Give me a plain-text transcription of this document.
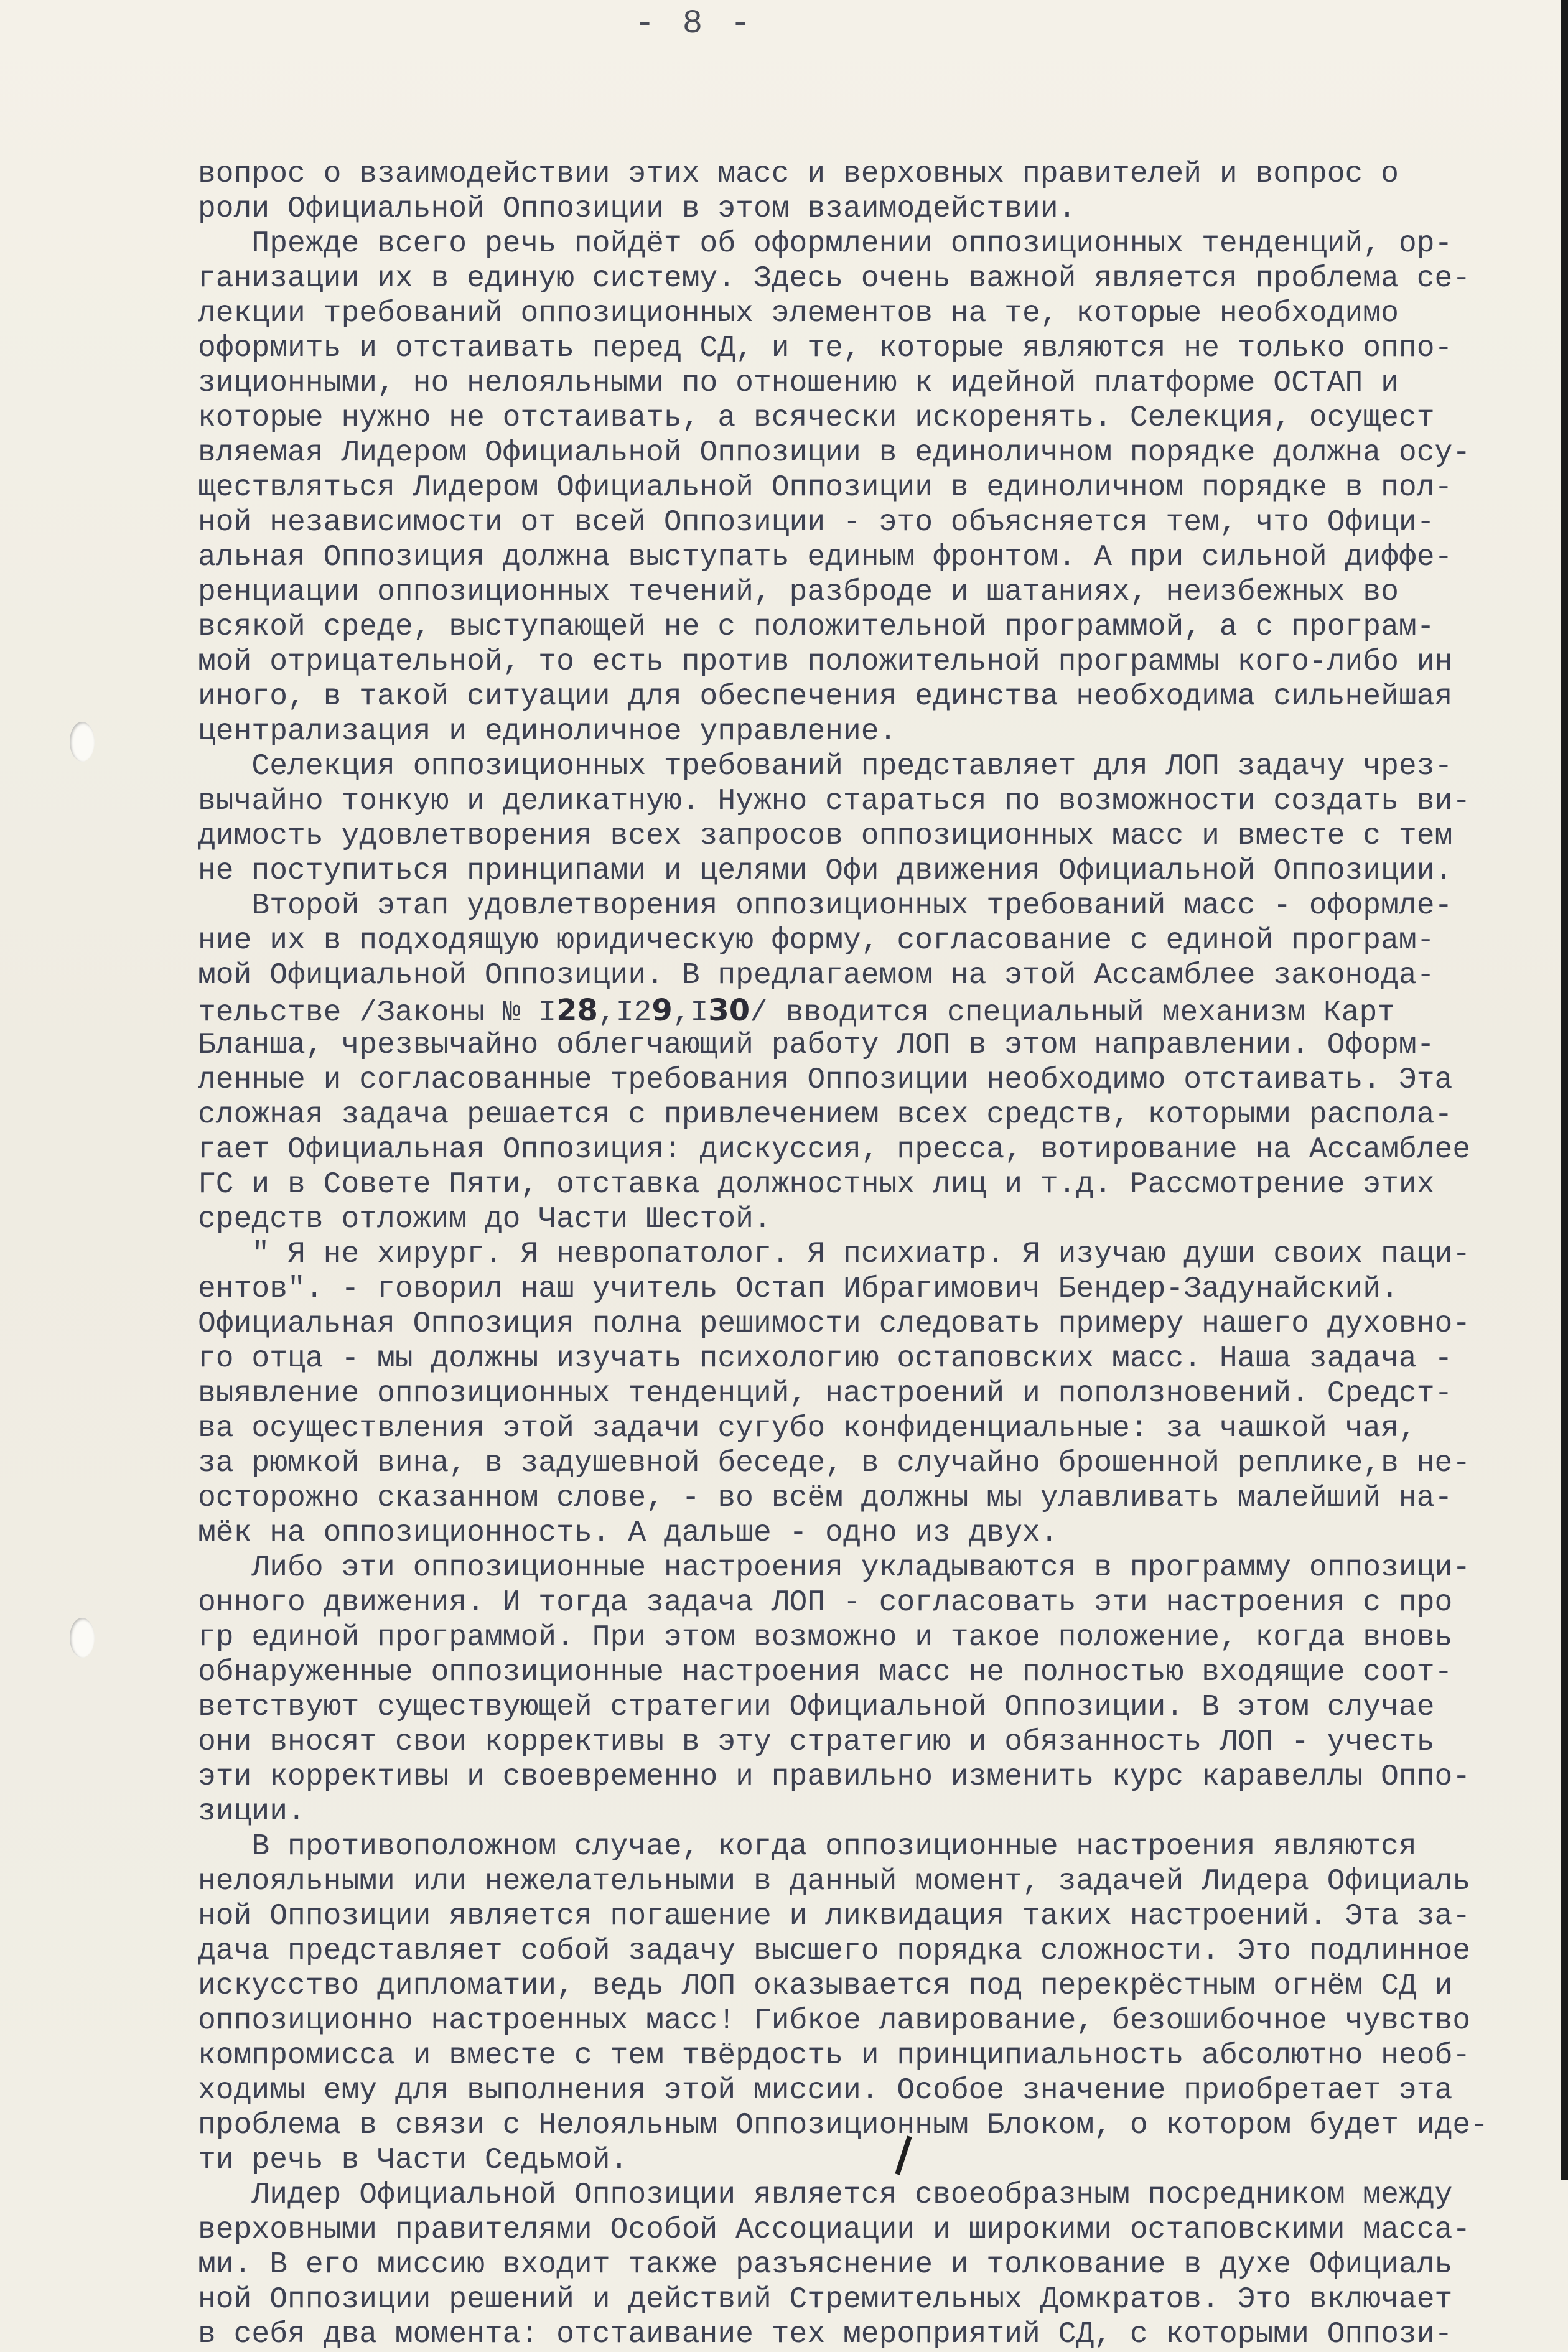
- 8 -
вопрос о взаимодействии этих масс и верховных правителей и вопрос о
роли Официальной Оппозиции в этом взаимодействии.
Прежде всего речь пойдёт об оформлении оппозиционных тенденций, ор-
ганизации их в единую систему. Здесь очень важной является проблема се-
лекции требований оппозиционных элементов на те, которые необходимо
оформить и отстаивать перед СД, и те, которые являются не только оппо-
зиционными, но нелояльными по отношению к идейной платформе ОСТАП и
которые нужно не отстаивать, а всячески искоренять. Селекция, осущест
вляемая Лидером Официальной Оппозиции в единоличном порядке должна осу-
ществляться Лидером Официальной Оппозиции в единоличном порядке в пол-
ной независимости от всей Оппозиции - это объясняется тем, что Офици-
альная Оппозиция должна выступать единым фронтом. А при сильной диффе-
ренциации оппозиционных течений, разброде и шатаниях, неизбежных во
всякой среде, выступающей не с положительной программой, а с програм-
мой отрицательной, то есть против положительной программы кого-либо ин
иного, в такой ситуации для обеспечения единства необходима сильнейшая
централизация и единоличное управление.
Селекция оппозиционных требований представляет для ЛОП задачу чрез-
вычайно тонкую и деликатную. Нужно стараться по возможности создать ви-
димость удовлетворения всех запросов оппозиционных масс и вместе с тем
не поступиться принципами и целями Офи движения Официальной Оппозиции.
Второй этап удовлетворения оппозиционных требований масс - оформле-
ние их в подходящую юридическую форму, согласование с единой програм-
мой Официальной Оппозиции. В предлагаемом на этой Ассамблее законода-
тельстве /Законы № I28,I29,I30/ вводится специальный механизм Карт
Бланша, чрезвычайно облегчающий работу ЛОП в этом направлении. Оформ-
ленные и согласованные требования Оппозиции необходимо отстаивать. Эта
сложная задача решается с привлечением всех средств, которыми распола-
гает Официальная Оппозиция: дискуссия, пресса, вотирование на Ассамблее
ГС и в Совете Пяти, отставка должностных лиц и т.д. Рассмотрение этих
средств отложим до Части Шестой.
" Я не хирург. Я невропатолог. Я психиатр. Я изучаю души своих паци-
ентов". - говорил наш учитель Остап Ибрагимович Бендер-Задунайский.
Официальная Оппозиция полна решимости следовать примеру нашего духовно-
го отца - мы должны изучать психологию остаповских масс. Наша задача -
выявление оппозиционных тенденций, настроений и поползновений. Средст-
ва осуществления этой задачи сугубо конфиденциальные: за чашкой чая,
за рюмкой вина, в задушевной беседе, в случайно брошенной реплике,в не-
осторожно сказанном слове, - во всём должны мы улавливать малейший на-
мёк на оппозиционность. А дальше - одно из двух.
Либо эти оппозиционные настроения укладываются в программу оппозици-
онного движения. И тогда задача ЛОП - согласовать эти настроения с про
гр единой программой. При этом возможно и такое положение, когда вновь
обнаруженные оппозиционные настроения масс не полностью входящие соот-
ветствуют существующей стратегии Официальной Оппозиции. В этом случае
они вносят свои коррективы в эту стратегию и обязанность ЛОП - учесть
эти коррективы и своевременно и правильно изменить курс каравеллы Оппо-
зиции.
В противоположном случае, когда оппозиционные настроения являются
нелояльными или нежелательными в данный момент, задачей Лидера Официаль
ной Оппозиции является погашение и ликвидация таких настроений. Эта за-
дача представляет собой задачу высшего порядка сложности. Это подлинное
искусство дипломатии, ведь ЛОП оказывается под перекрёстным огнём СД и
оппозиционно настроенных масс! Гибкое лавирование, безошибочное чувство
компромисса и вместе с тем твёрдость и принципиальность абсолютно необ-
ходимы ему для выполнения этой миссии. Особое значение приобретает эта
проблема в связи с Нелояльным Оппозиционным Блоком, о котором будет иде-
ти речь в Части Седьмой.
Лидер Официальной Оппозиции является своеобразным посредником между
верховными правителями Особой Ассоциации и широкими остаповскими масса-
ми. В его миссию входит также разъяснение и толкование в духе Официаль
ной Оппозиции решений и действий Стремительных Домкратов. Это включает
в себя два момента: отстаивание тех мероприятий СД, с которыми Оппози-
